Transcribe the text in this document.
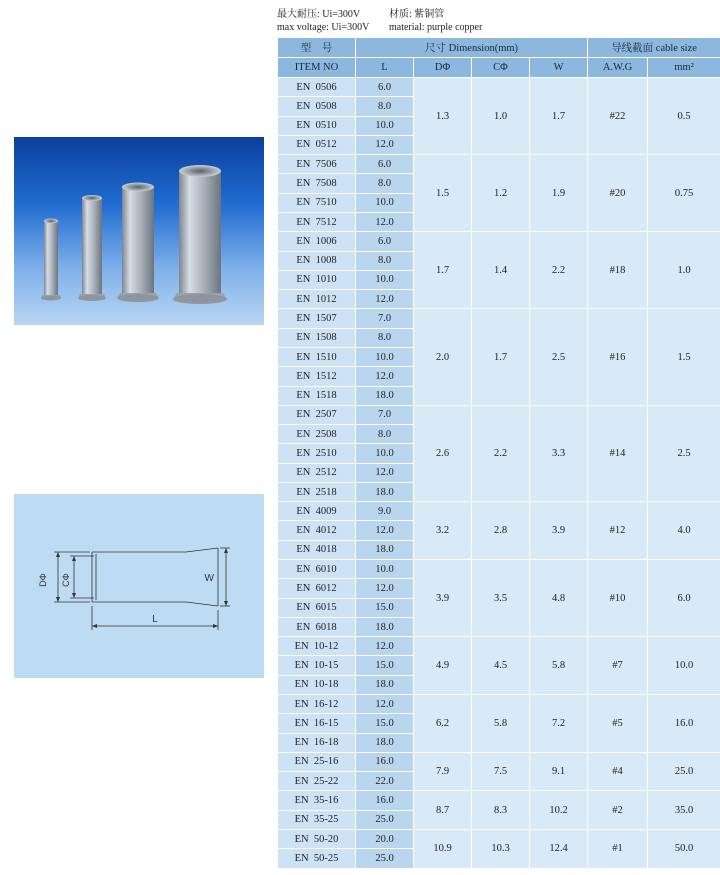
最大耐压: Ui=300V	材质: 紫铜管
max voltage: Ui=300V material: purple copper
DΦ CΦ	W
L
型    号	尺寸 Dimension(mm)				导线截面 cable size	
ITEM NO	L	DΦ	CΦ	W	A.W.G	mm²
EN  0506	6.0	1.3	1.0	1.7	#22	0.5
EN  0508	8.0					
EN  0510	10.0					
EN  0512	12.0					
EN  7506	6.0	1.5	1.2	1.9	#20	0.75
EN  7508	8.0					
EN  7510	10.0					
EN  7512	12.0					
EN  1006	6.0	1.7	1.4	2.2	#18	1.0
EN  1008	8.0					
EN  1010	10.0					
EN  1012	12.0					
EN  1507	7.0	2.0	1.7	2.5	#16	1.5
EN  1508	8.0					
EN  1510	10.0					
EN  1512	12.0					
EN  1518	18.0					
EN  2507	7.0	2.6	2.2	3.3	#14	2.5
EN  2508	8.0					
EN  2510	10.0					
EN  2512	12.0					
EN  2518	18.0					
EN  4009	9.0	3.2	2.8	3.9	#12	4.0
EN  4012	12.0					
EN  4018	18.0					
EN  6010	10.0	3.9	3.5	4.8	#10	6.0
EN  6012	12.0					
EN  6015	15.0					
EN  6018	18.0					
EN  10-12	12.0	4.9	4.5	5.8	#7	10.0
EN  10-15	15.0					
EN  10-18	18.0					
EN  16-12	12.0	6.2	5.8	7.2	#5	16.0
EN  16-15	15.0					
EN  16-18	18.0					
EN  25-16	16.0	7.9	7.5	9.1	#4	25.0
EN  25-22	22.0					
EN  35-16	16.0	8.7	8.3	10.2	#2	35.0
EN  35-25	25.0					
EN  50-20	20.0	10.9	10.3	12.4	#1	50.0
EN  50-25	25.0					
